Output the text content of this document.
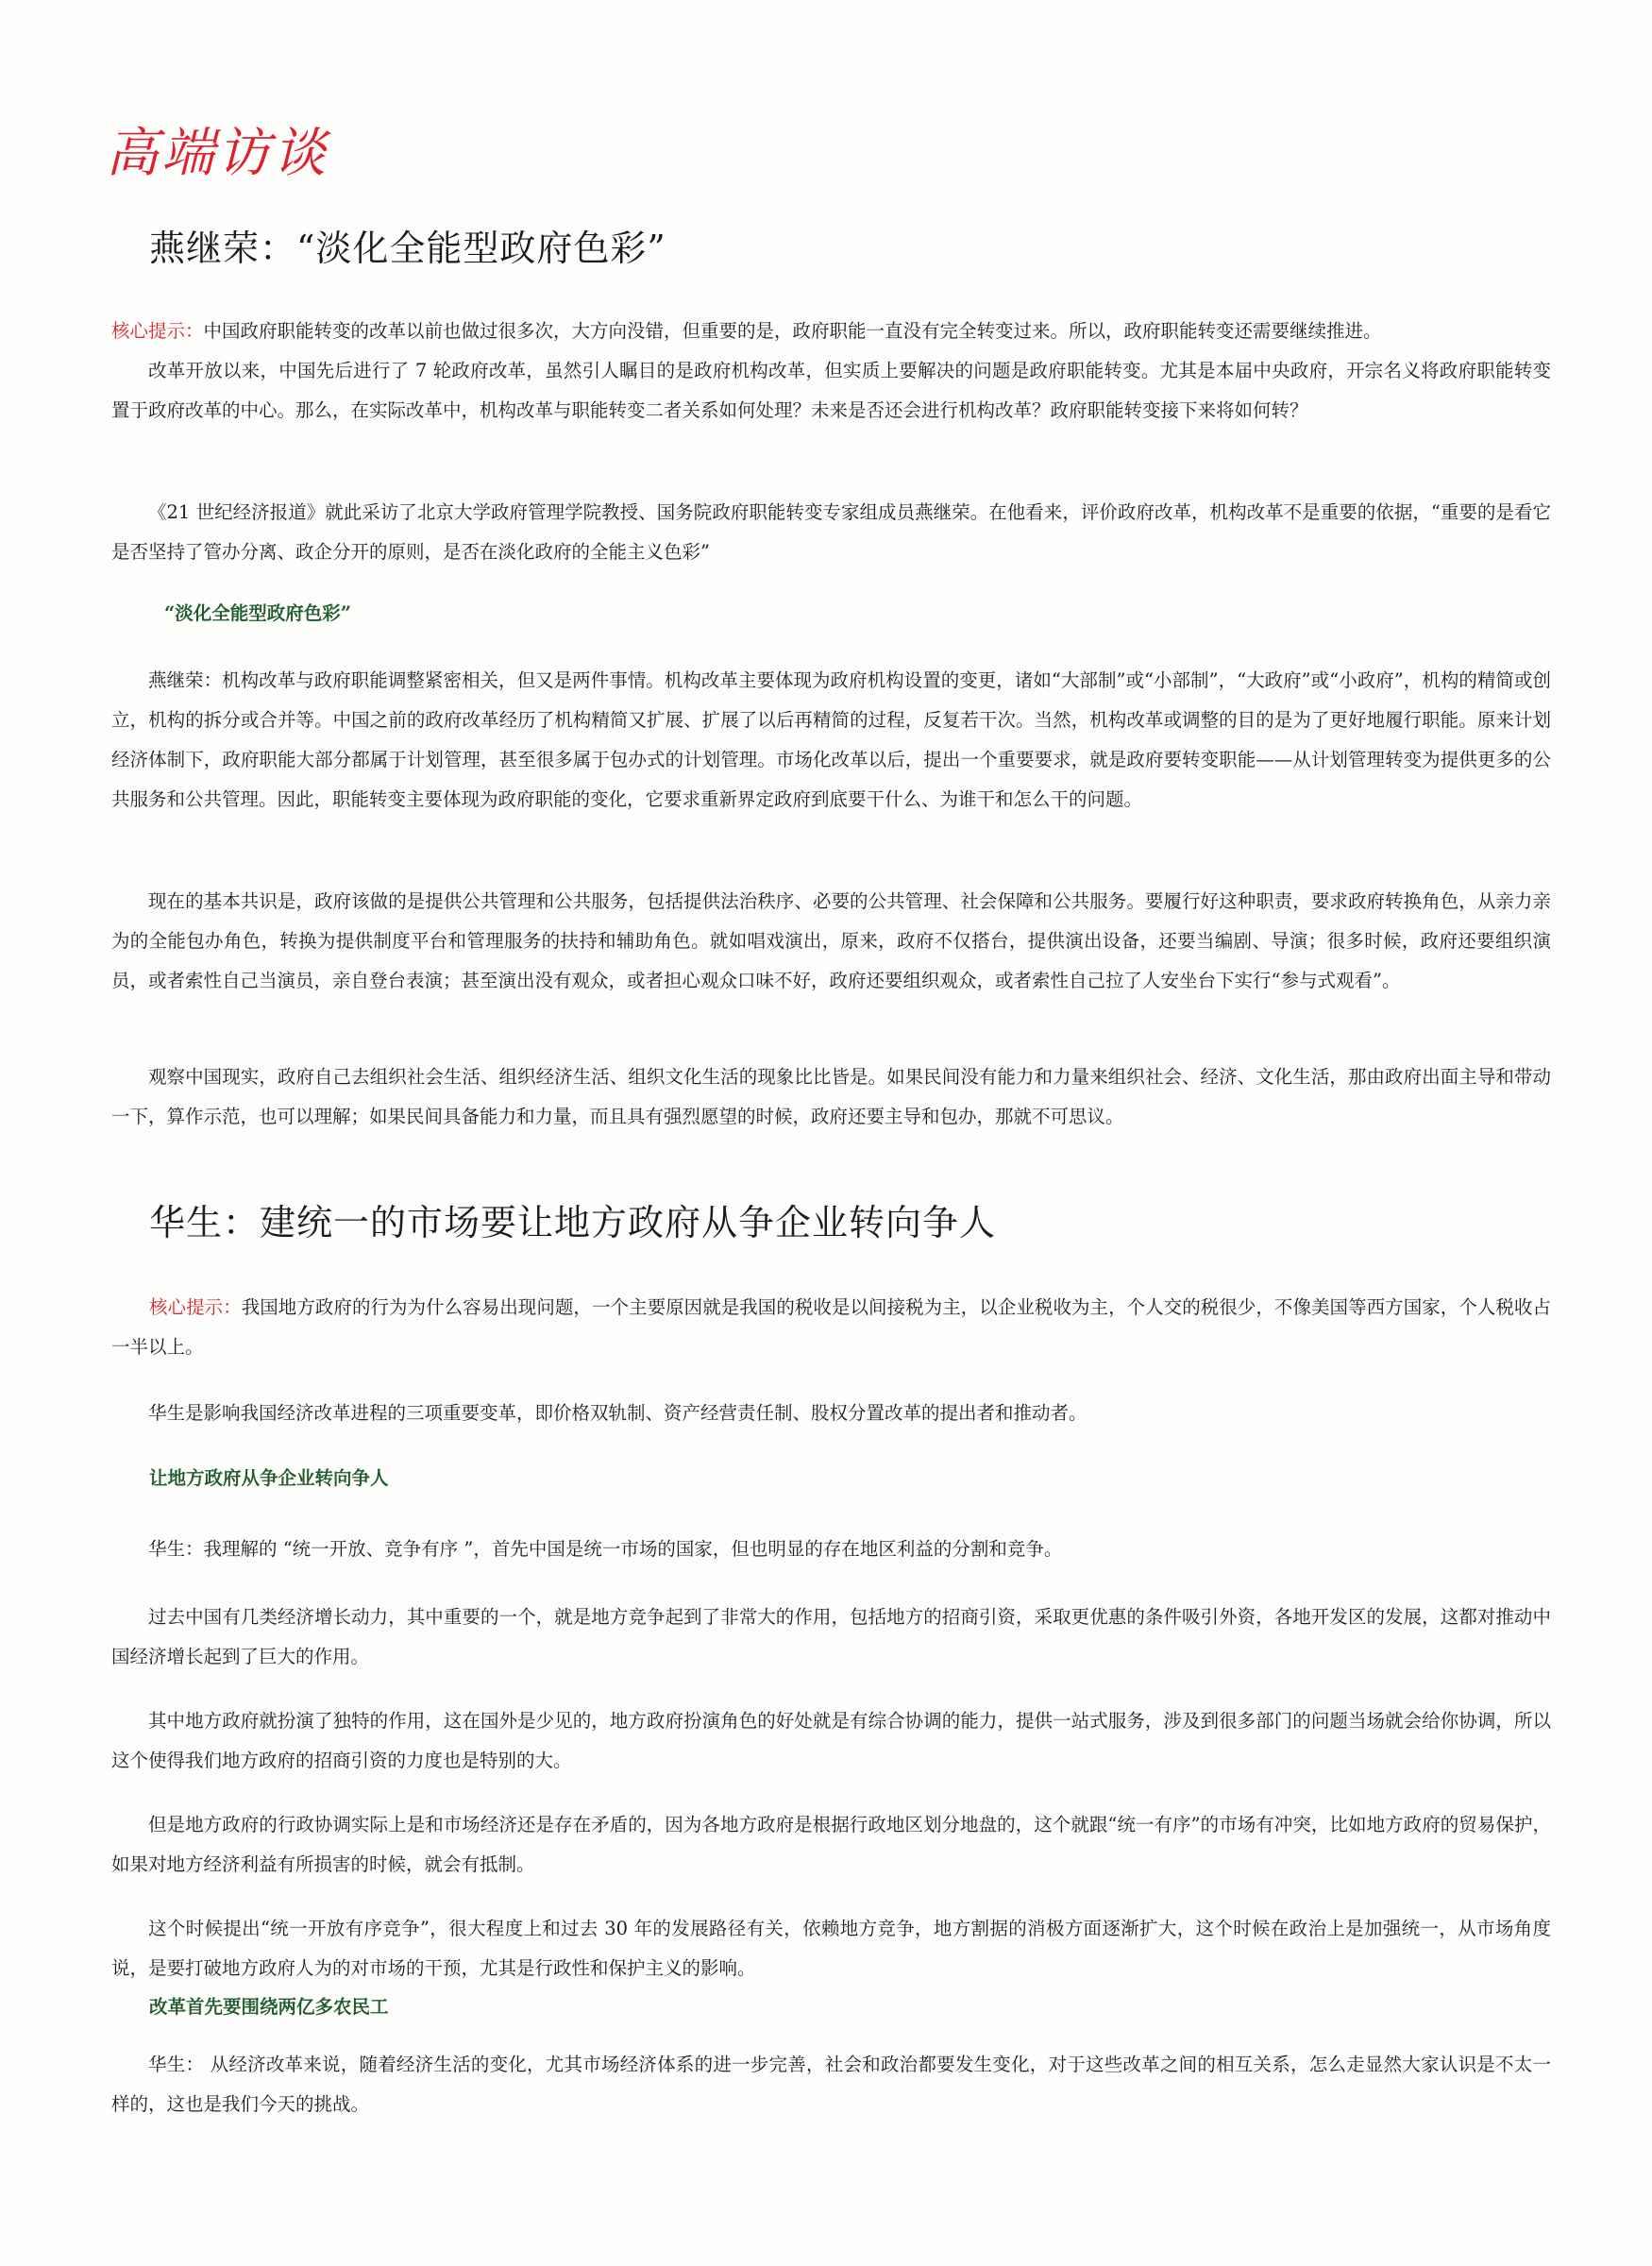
高端访谈
燕继荣：“淡化全能型政府色彩”

核心提示：中国政府职能转变的改革以前也做过很多次，大方向没错，但重要的是，政府职能一直没有完全转变过来。所以，政府职能转变还需要继续推进。

改革开放以来，中国先后进行了 7 轮政府改革，虽然引人瞩目的是政府机构改革，但实质上要解决的问题是政府职能转变。尤其是本届中央政府，开宗名义将政府职能转变置于政府改革的中心。那么，在实际改革中，机构改革与职能转变二者关系如何处理？未来是否还会进行机构改革？政府职能转变接下来将如何转？

《21 世纪经济报道》就此采访了北京大学政府管理学院教授、国务院政府职能转变专家组成员燕继荣。在他看来，评价政府改革，机构改革不是重要的依据，“重要的是看它是否坚持了管办分离、政企分开的原则，是否在淡化政府的全能主义色彩”

“淡化全能型政府色彩”

燕继荣：机构改革与政府职能调整紧密相关，但又是两件事情。机构改革主要体现为政府机构设置的变更，诸如“大部制”或“小部制”，“大政府”或“小政府”，机构的精简或创立，机构的拆分或合并等。中国之前的政府改革经历了机构精简又扩展、扩展了以后再精简的过程，反复若干次。当然，机构改革或调整的目的是为了更好地履行职能。原来计划经济体制下，政府职能大部分都属于计划管理，甚至很多属于包办式的计划管理。市场化改革以后，提出一个重要要求，就是政府要转变职能——从计划管理转变为提供更多的公共服务和公共管理。因此，职能转变主要体现为政府职能的变化，它要求重新界定政府到底要干什么、为谁干和怎么干的问题。

现在的基本共识是，政府该做的是提供公共管理和公共服务，包括提供法治秩序、必要的公共管理、社会保障和公共服务。要履行好这种职责，要求政府转换角色，从亲力亲为的全能包办角色，转换为提供制度平台和管理服务的扶持和辅助角色。就如唱戏演出，原来，政府不仅搭台，提供演出设备，还要当编剧、导演；很多时候，政府还要组织演员，或者索性自己当演员，亲自登台表演；甚至演出没有观众，或者担心观众口味不好，政府还要组织观众，或者索性自己拉了人安坐台下实行“参与式观看”。

观察中国现实，政府自己去组织社会生活、组织经济生活、组织文化生活的现象比比皆是。如果民间没有能力和力量来组织社会、经济、文化生活，那由政府出面主导和带动一下，算作示范，也可以理解；如果民间具备能力和力量，而且具有强烈愿望的时候，政府还要主导和包办，那就不可思议。

华生：建统一的市场要让地方政府从争企业转向争人

核心提示：我国地方政府的行为为什么容易出现问题，一个主要原因就是我国的税收是以间接税为主，以企业税收为主，个人交的税很少，不像美国等西方国家，个人税收占一半以上。

华生是影响我国经济改革进程的三项重要变革，即价格双轨制、资产经营责任制、股权分置改革的提出者和推动者。

让地方政府从争企业转向争人

华生：我理解的 “统一开放、竞争有序 ”，首先中国是统一市场的国家，但也明显的存在地区利益的分割和竞争。

过去中国有几类经济增长动力，其中重要的一个，就是地方竞争起到了非常大的作用，包括地方的招商引资，采取更优惠的条件吸引外资，各地开发区的发展，这都对推动中国经济增长起到了巨大的作用。

其中地方政府就扮演了独特的作用，这在国外是少见的，地方政府扮演角色的好处就是有综合协调的能力，提供一站式服务，涉及到很多部门的问题当场就会给你协调，所以这个使得我们地方政府的招商引资的力度也是特别的大。

但是地方政府的行政协调实际上是和市场经济还是存在矛盾的，因为各地方政府是根据行政地区划分地盘的，这个就跟“统一有序”的市场有冲突，比如地方政府的贸易保护，如果对地方经济利益有所损害的时候，就会有抵制。

这个时候提出“统一开放有序竞争”，很大程度上和过去 30 年的发展路径有关，依赖地方竞争，地方割据的消极方面逐渐扩大，这个时候在政治上是加强统一，从市场角度说，是要打破地方政府人为的对市场的干预，尤其是行政性和保护主义的影响。

改革首先要围绕两亿多农民工

华生： 从经济改革来说，随着经济生活的变化，尤其市场经济体系的进一步完善，社会和政治都要发生变化，对于这些改革之间的相互关系，怎么走显然大家认识是不太一样的，这也是我们今天的挑战。
